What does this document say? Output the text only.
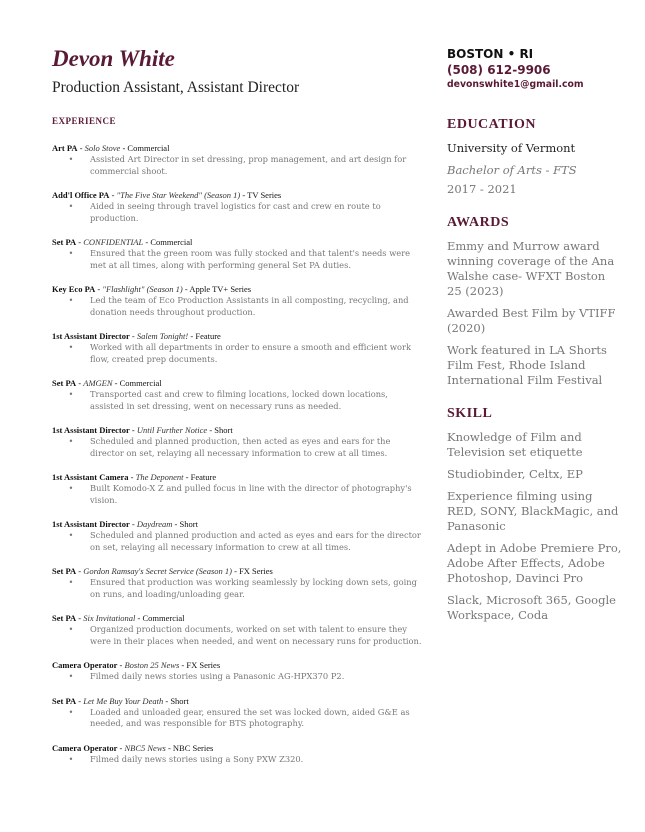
Devon White
Production Assistant, Assistant Director
EXPERIENCE
Art PA - Solo Stove - Commercial
•	Assisted Art Director in set dressing, prop management, and art design for commercial shoot.
Add'l Office PA - "The Five Star Weekend" (Season 1) - TV Series
•	Aided in seeing through travel logistics for cast and crew en route to production.
Set PA - CONFIDENTIAL - Commercial
•	Ensured that the green room was fully stocked and that talent's needs were met at all times, along with performing general Set PA duties.
Key Eco PA - "Flashlight" (Season 1) - Apple TV+ Series
•	Led the team of Eco Production Assistants in all composting, recycling, and donation needs throughout production.
1st Assistant Director - Salem Tonight! - Feature
•	Worked with all departments in order to ensure a smooth and efficient work flow, created prep documents.
Set PA - AMGEN - Commercial
•	Transported cast and crew to filming locations, locked down locations, assisted in set dressing, went on necessary runs as needed.
1st Assistant Director - Until Further Notice - Short
•	Scheduled and planned production, then acted as eyes and ears for the director on set, relaying all necessary information to crew at all times.
1st Assistant Camera - The Deponent - Feature
•	Built Komodo-X Z and pulled focus in line with the director of photography's vision.
1st Assistant Director - Daydream - Short
•	Scheduled and planned production and acted as eyes and ears for the director on set, relaying all necessary information to crew at all times.
Set PA - Gordon Ramsay's Secret Service (Season 1) - FX Series
•	Ensured that production was working seamlessly by locking down sets, going on runs, and loading/unloading gear.
Set PA - Six Invitational - Commercial
•	Organized production documents, worked on set with talent to ensure they were in their places when needed, and went on necessary runs for production.
Camera Operator - Boston 25 News - FX Series
•	Filmed daily news stories using a Panasonic AG-HPX370 P2.
Set PA - Let Me Buy Your Death - Short
•	Loaded and unloaded gear, ensured the set was locked down, aided G&E as needed, and was responsible for BTS photography.
Camera Operator - NBC5 News - NBC Series
•	Filmed daily news stories using a Sony PXW Z320.
BOSTON • RI
(508) 612-9906
devonswhite1@gmail.com
EDUCATION
University of Vermont
Bachelor of Arts - FTS
2017 - 2021
AWARDS
Emmy and Murrow award winning coverage of the Ana Walshe case- WFXT Boston 25 (2023)
Awarded Best Film by VTIFF (2020)
Work featured in LA Shorts Film Fest, Rhode Island International Film Festival
SKILL
Knowledge of Film and Television set etiquette
Studiobinder, Celtx, EP
Experience filming using RED, SONY, BlackMagic, and Panasonic
Adept in Adobe Premiere Pro, Adobe After Effects, Adobe Photoshop, Davinci Pro
Slack, Microsoft 365, Google Workspace, Coda
